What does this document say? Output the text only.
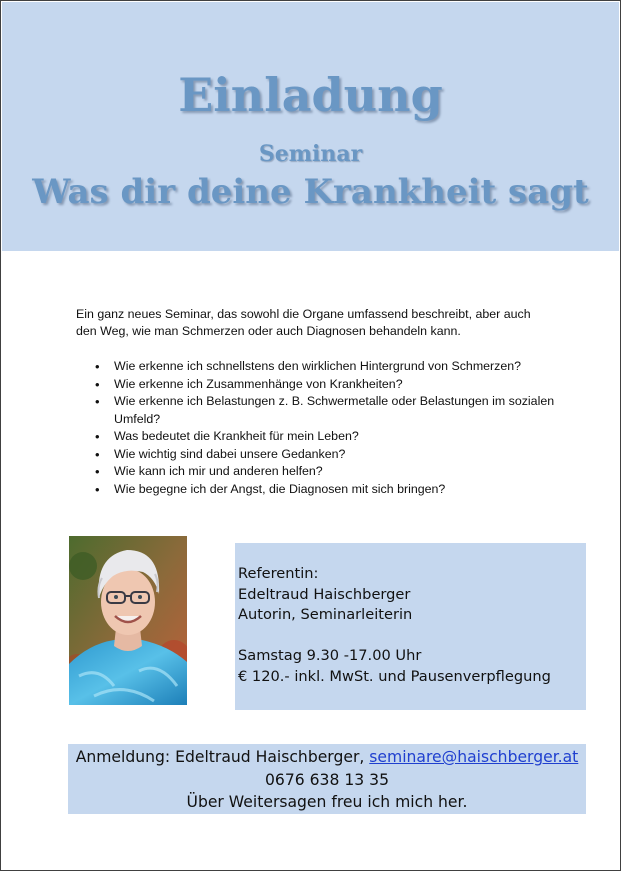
Einladung
Seminar
Was dir deine Krankheit sagt
Ein ganz neues Seminar, das sowohl die Organe umfassend beschreibt, aber auch
den Weg, wie man Schmerzen oder auch Diagnosen behandeln kann.
• Wie erkenne ich schnellstens den wirklichen Hintergrund von Schmerzen?
• Wie erkenne ich Zusammenhänge von Krankheiten?
• Wie erkenne ich Belastungen z. B. Schwermetalle oder Belastungen im sozialen Umfeld?
• Was bedeutet die Krankheit für mein Leben?
• Wie wichtig sind dabei unsere Gedanken?
• Wie kann ich mir und anderen helfen?
• Wie begegne ich der Angst, die Diagnosen mit sich bringen?
Referentin:
Edeltraud Haischberger
Autorin, Seminarleiterin
Samstag 9.30 -17.00 Uhr
€ 120.- inkl. MwSt. und Pausenverpflegung
Anmeldung: Edeltraud Haischberger, seminare@haischberger.at
0676 638 13 35
Über Weitersagen freu ich mich her.
